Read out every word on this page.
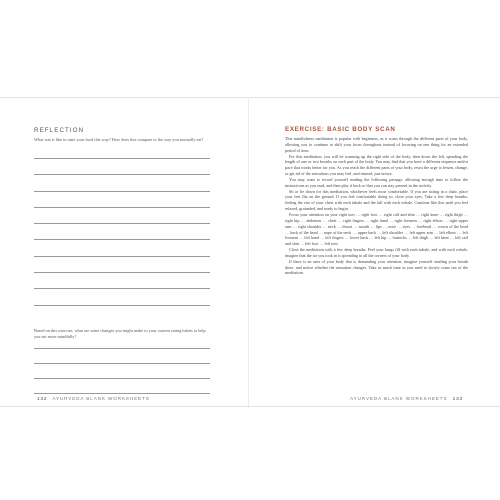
REFLECTION
What was it like to taste your food this way? How does this compare to the way you normally eat?
Based on this exercise, what are some changes you might make to your current eating habits to help you eat more mindfully?
132 AYURVEDA BLANK WORKSHEETS
EXERCISE: BASIC BODY SCAN

This mindfulness meditation is popular with beginners, as it scans through the different parts of your body, allowing you to continue to shift your focus throughout instead of focusing on one thing for an extended period of time.

For this meditation, you will be scanning up the right side of the body, then down the left, spending the length of one or two breaths on each part of the body. You may find that you have a different sequence and/or pace that works better for you. As you reach the different parts of your body, resist the urge to lessen, change, or get rid of the sensations you may feel, and instead, just notice.

You may want to record yourself reading the following passage, allowing enough time to follow the instructions as you read, and then play it back so that you can stay present in the activity.

Sit or lie down for this meditation, whichever feels most comfortable. If you are sitting in a chair, place your feet flat on the ground. If you feel comfortable doing so, close your eyes. Take a few deep breaths, feeling the rise of your chest with each inhale and the fall with each exhale. Continue like this until you feel relaxed, grounded, and ready to begin.

Focus your attention on your right toes … right foot … right calf and shin … right knee … right thigh … right hip … abdomen … chest … right fingers … right hand … right forearm … right elbow … right upper arm … right shoulder … neck … throat … mouth … lips … nose … eyes … forehead … crown of the head … back of the head … nape of the neck … upper back … left shoulder … left upper arm … left elbow … left forearm … left hand … left fingers … lower back … left hip … buttocks … left thigh … left knee … left calf and shin … left foot … left toes.

Close the meditation with a few deep breaths. Feel your lungs fill with each inhale, and with each exhale, imagine that the air you took in is spreading to all the corners of your body.

If there is an area of your body that is demanding your attention, imagine yourself sending your breath there, and notice whether the sensation changes. Take as much time as you need to slowly come out of the meditation.

AYURVEDA BLANK WORKSHEETS 133
